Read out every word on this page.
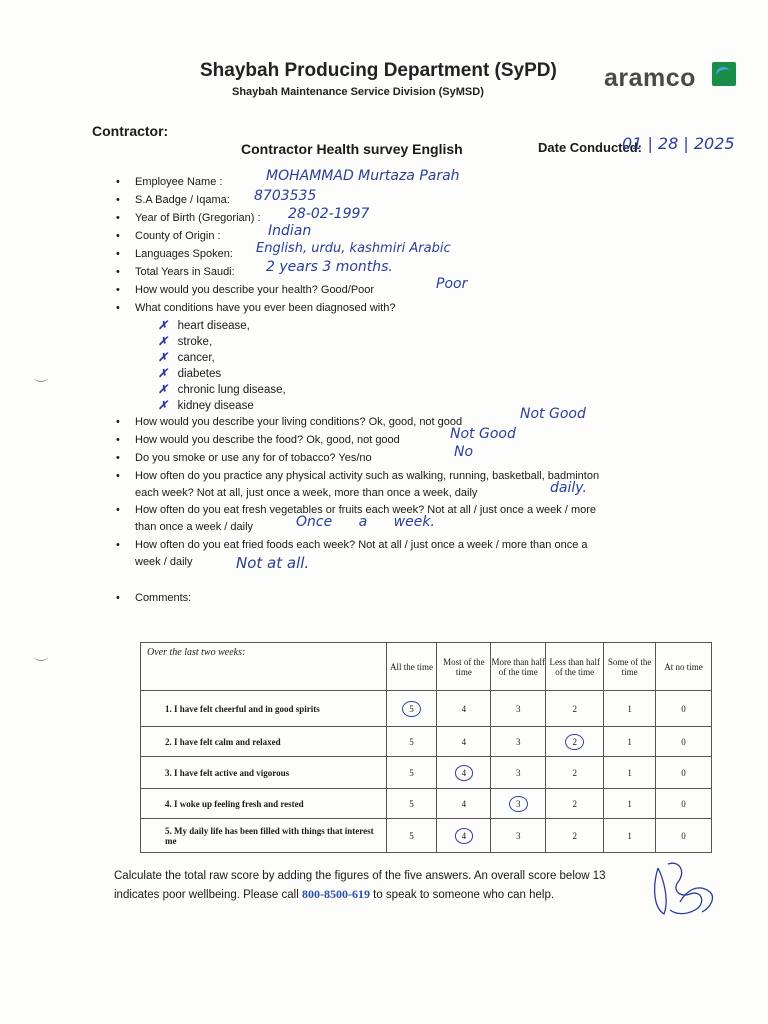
Shaybah Producing Department (SyPD)
Shaybah Maintenance Service Division (SyMSD)	aramco
Contractor:
Contractor Health survey English	Date Conducted:
01 | 28 | 2025
• Employee Name :	MOHAMMAD Murtaza Parah
• S.A Badge / Iqama: 8703535
• Year of Birth (Gregorian) : 28-02-1997
• County of Origin :	Indian
• Languages Spoken: English, urdu, kashmiri Arabic
• Total Years in Saudi: 2 years 3 months.
• How would you describe your health? Good/Poor	Poor
• What conditions have you ever been diagnosed with?
✗ heart disease,
✗ stroke,
✗ cancer,
✗ diabetes
✗ chronic lung disease,
✗ kidney disease
• How would you describe your living conditions? Ok, good, not good	Not Good
• How would you describe the food? Ok, good, not good	Not Good
• Do you smoke or use any for of tobacco? Yes/no	No
• How often do you practice any physical activity such as walking, running, basketball, badminton
each week? Not at all, just once a week, more than once a week, daily	daily.
• How often do you eat fresh vegetables or fruits each week? Not at all / just once a week / more
than once a week / daily	Once a week.
• How often do you eat fried foods each week? Not at all / just once a week / more than once a
week / daily	Not at all.
• Comments:
Over the last two weeks:	All the time	Most of the time	More than half of the time	Less than half of the time	Some of the time	At no time
1. I have felt cheerful and in good spirits	5	4	3	2	1	0
2. I have felt calm and relaxed	5	4	3	2	1	0
3. I have felt active and vigorous	5	4	3	2	1	0
4. I woke up feeling fresh and rested	5	4	3	2	1	0
5. My daily life has been filled with things that interest me	5	4	3	2	1	0
Calculate the total raw score by adding the figures of the five answers. An overall score below 13 indicates poor wellbeing. Please call 800-8500-619 to speak to someone who can help.
